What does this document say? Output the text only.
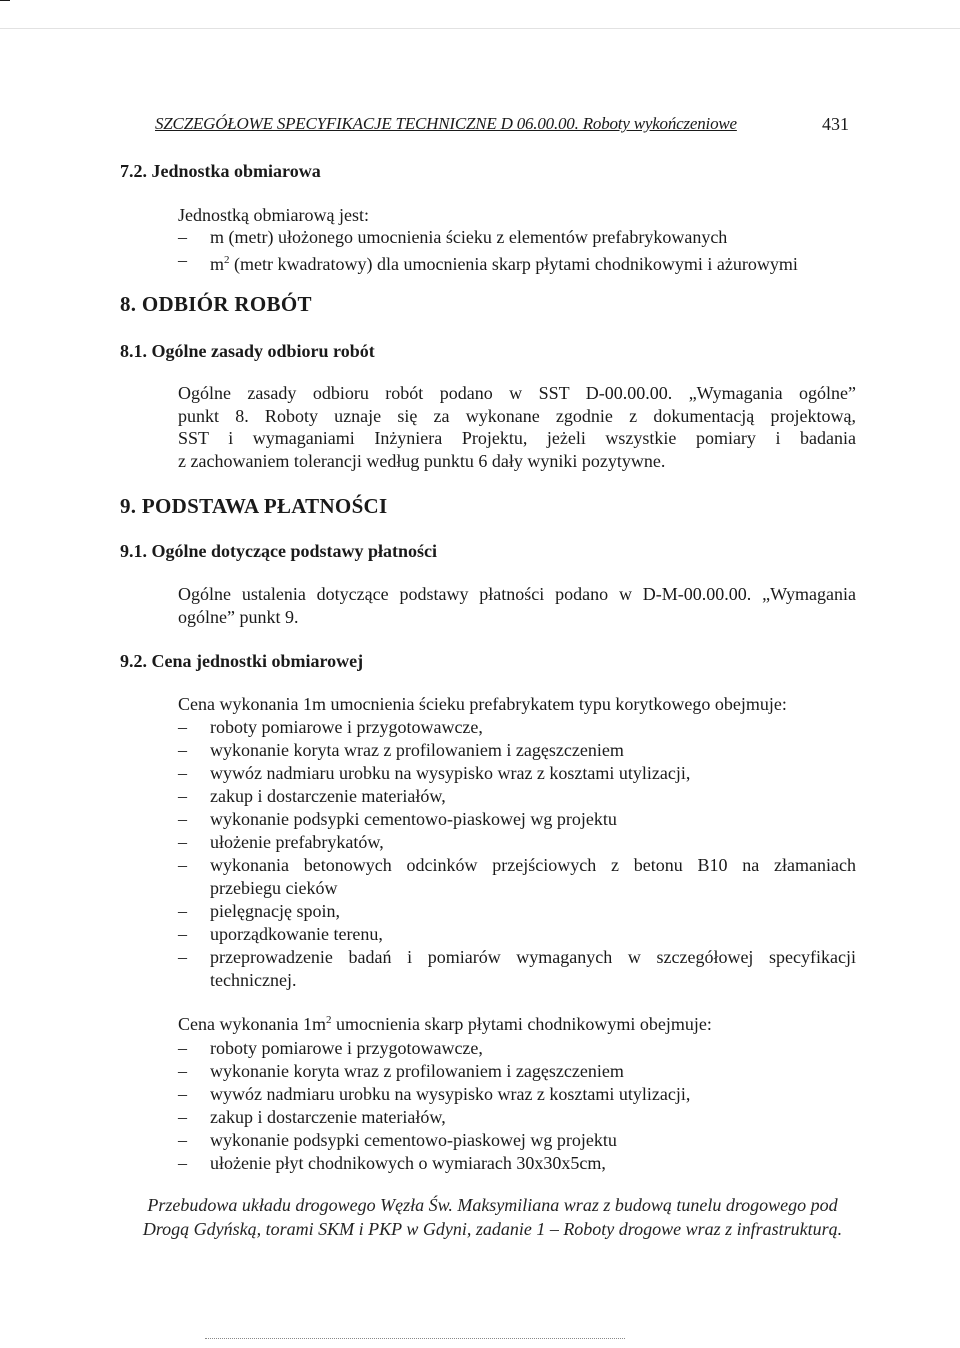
SZCZEGÓŁOWE SPECYFIKACJE TECHNICZNE D 06.00.00. Roboty wykończeniowe	431
7.2. Jednostka obmiarowa
Jednostką obmiarową jest:
– m (metr) ułożonego umocnienia ścieku z elementów prefabrykowanych
– $m^2$ (metr kwadratowy) dla umocnienia skarp płytami chodnikowymi i ażurowymi
8. ODBIÓR ROBÓT
8.1. Ogólne zasady odbioru robót
Ogólne zasady odbioru robót podano w SST D-00.00.00. „Wymagania ogólne”
punkt 8. Roboty uznaje się za wykonane zgodnie z dokumentacją projektową,
SST i wymaganiami Inżyniera Projektu, jeżeli wszystkie pomiary i badania
z zachowaniem tolerancji według punktu 6 dały wyniki pozytywne.
9. PODSTAWA PŁATNOŚCI
9.1. Ogólne dotyczące podstawy płatności
Ogólne ustalenia dotyczące podstawy płatności podano w D-M-00.00.00. „Wymagania
ogólne” punkt 9.
9.2. Cena jednostki obmiarowej
Cena wykonania 1m umocnienia ścieku prefabrykatem typu korytkowego obejmuje:
– roboty pomiarowe i przygotowawcze,
– wykonanie koryta wraz z profilowaniem i zagęszczeniem
– wywóz nadmiaru urobku na wysypisko wraz z kosztami utylizacji,
– zakup i dostarczenie materiałów,
– wykonanie podsypki cementowo-piaskowej wg projektu
– ułożenie prefabrykatów,
– wykonania betonowych odcinków przejściowych z betonu B10 na złamaniach
przebiegu cieków
– pielęgnację spoin,
– uporządkowanie terenu,
– przeprowadzenie badań i pomiarów wymaganych w szczegółowej specyfikacji
technicznej.
Cena wykonania $1m^2$ umocnienia skarp płytami chodnikowymi obejmuje:
– roboty pomiarowe i przygotowawcze,
– wykonanie koryta wraz z profilowaniem i zagęszczeniem
– wywóz nadmiaru urobku na wysypisko wraz z kosztami utylizacji,
– zakup i dostarczenie materiałów,
– wykonanie podsypki cementowo-piaskowej wg projektu
– ułożenie płyt chodnikowych o wymiarach 30x30x5cm,
Przebudowa układu drogowego Węzła Św. Maksymiliana wraz z budową tunelu drogowego pod
Drogą Gdyńską, torami SKM i PKP w Gdyni, zadanie 1 – Roboty drogowe wraz z infrastrukturą.
